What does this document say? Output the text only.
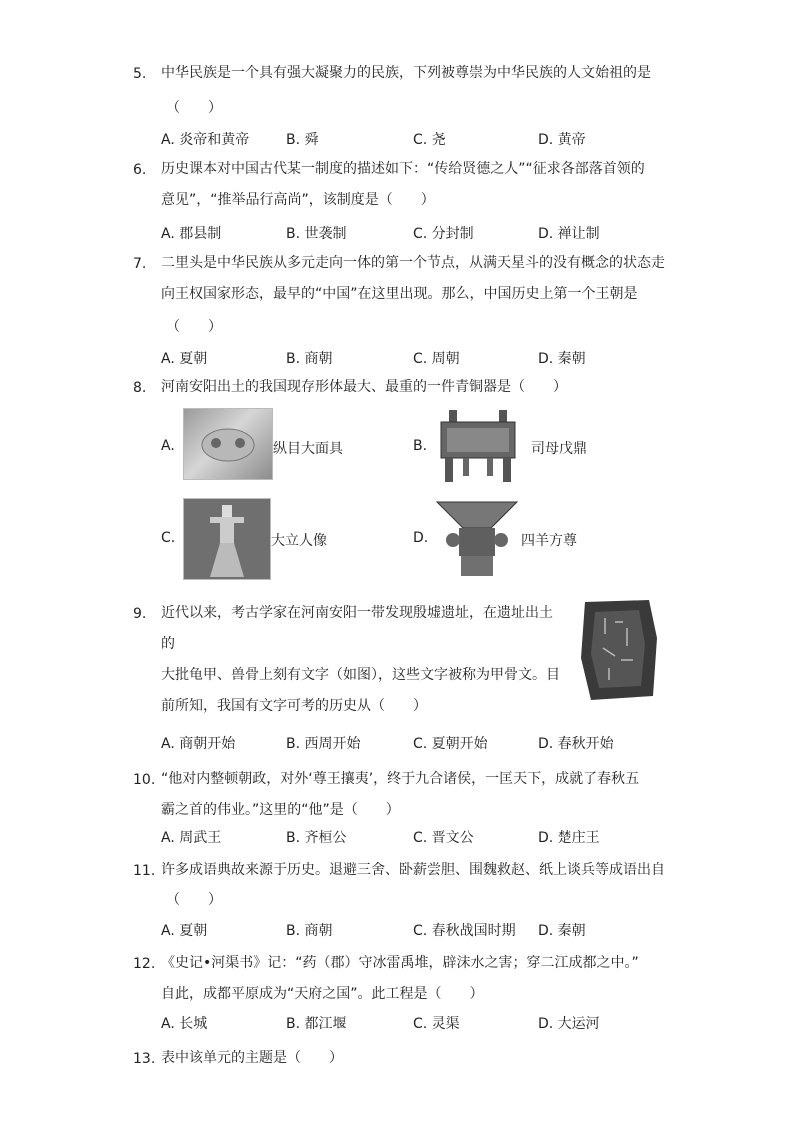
5.	中华民族是一个具有强大凝聚力的民族，下列被尊崇为中华民族的人文始祖的是
（　　）
A. 炎帝和黄帝	B. 舜	C. 尧	D. 黄帝
6.	历史课本对中国古代某一制度的描述如下：“传给贤德之人”“征求各部落首领的
意见”，“推举品行高尚”，该制度是（　　）
A. 郡县制	B. 世袭制	C. 分封制	D. 禅让制
7.	二里头是中华民族从多元走向一体的第一个节点，从满天星斗的没有概念的状态走
向王权国家形态，最早的“中国”在这里出现。那么，中国历史上第一个王朝是
（　　）
A. 夏朝	B. 商朝	C. 周朝	D. 秦朝
8.	河南安阳出土的我国现存形体最大、最重的一件青铜器是（　　）
A.	纵目大面具	B.	司母戊鼎
C.	大立人像	D.	四羊方尊
9.	近代以来，考古学家在河南安阳一带发现殷墟遗址，在遗址出土的
大批龟甲、兽骨上刻有文字（如图），这些文字被称为甲骨文。目
前所知，我国有文字可考的历史从（　　）
A. 商朝开始	B. 西周开始	C. 夏朝开始	D. 春秋开始
10. “他对内整顿朝政，对外‘尊王攘夷’，终于九合诸侯，一匡天下，成就了春秋五
霸之首的伟业。”这里的“他”是（　　）
A. 周武王	B. 齐桓公	C. 晋文公	D. 楚庄王
11. 许多成语典故来源于历史。退避三舍、卧薪尝胆、围魏救赵、纸上谈兵等成语出自
（　　）
A. 夏朝	B. 商朝	C. 春秋战国时期 D. 秦朝
12. 《史记•河渠书》记：“药（郡）守冰雷禹堆，辟沫水之害；穿二江成都之中。”
自此，成都平原成为“天府之国”。此工程是（　　）
A. 长城	B. 都江堰	C. 灵渠	D. 大运河
13. 表中该单元的主题是（　　）
